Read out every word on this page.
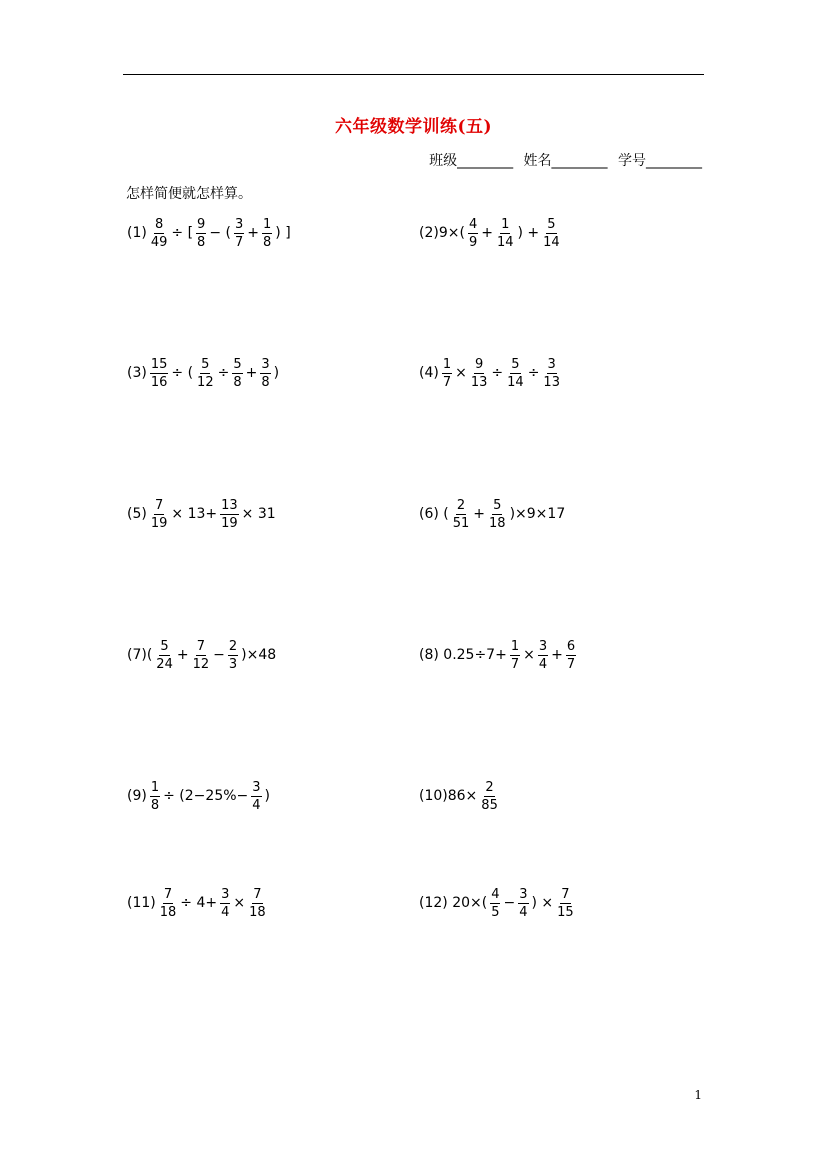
六年级数学训练(五)
班级________ 姓名________ 学号________
怎样简便就怎样算。
$(1) \frac{8}{49}$ ÷ [ $\frac{9}{8}$ − ( $\frac{3}{7} + \frac{1}{8}$ ) ]	$(2)9\times( \frac{4}{9} + \frac{1}{14}$ ) + $\frac{5}{14}$
$(3) \frac{15}{16}$ ÷ ( $\frac{5}{12} \div \frac{5}{8} + \frac{3}{8}$ )	$(4) \frac{1}{7} \times \frac{9}{13} \div \frac{5}{14} \div \frac{3}{13}$
$(5) \frac{7}{19} \times 13+ \frac{13}{19} \times 31$	(6) ( $\frac{2}{51} + \frac{5}{18} )\times 9\times 17$
$(7)( \frac{5}{24} + \frac{7}{12} - \frac{2}{3} )\times 48$	(8) $0.25\div 7+ \frac{1}{7} \times \frac{3}{4} + \frac{6}{7}$
$(9) \frac{1}{8} \div (2-25\%- \frac{3}{4}$ )	$(10)86\times \frac{2}{85}$
$(11) \frac{7}{18} \div 4+ \frac{3}{4} \times \frac{7}{18}$	(12) $20\times( \frac{4}{5} - \frac{3}{4}$ ) × $\frac{7}{15}$
1
